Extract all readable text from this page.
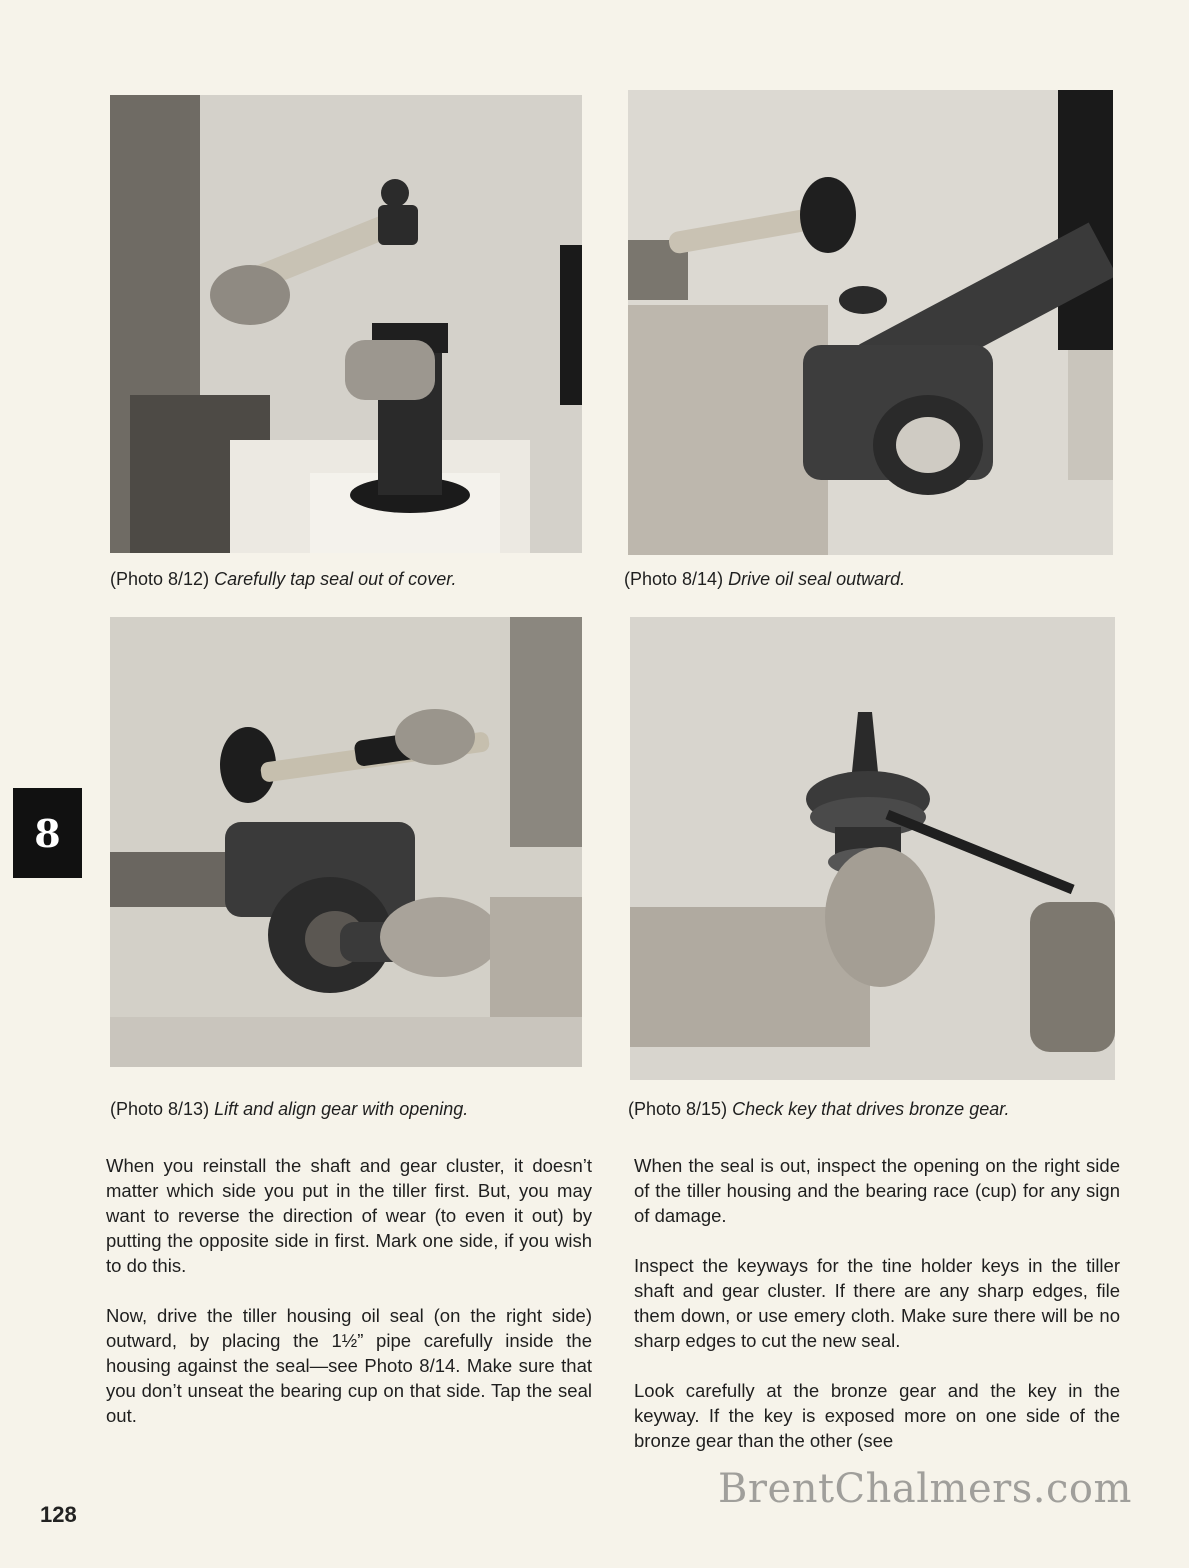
(Photo 8/12) Carefully tap seal out of cover.	(Photo 8/14) Drive oil seal outward.
(Photo 8/13) Lift and align gear with opening.	(Photo 8/15) Check key that drives bronze gear.
8

When you reinstall the shaft and gear cluster, it doesn’t matter which side you put in the tiller first. But, you may want to reverse the direction of wear (to even it out) by putting the opposite side in first. Mark one side, if you wish to do this.

Now, drive the tiller housing oil seal (on the right side) outward, by placing the 1½” pipe carefully inside the housing against the seal—see Photo 8/14. Make sure that you don’t unseat the bearing cup on that side. Tap the seal out.

When the seal is out, inspect the opening on the right side of the tiller housing and the bearing race (cup) for any sign of damage.

Inspect the keyways for the tine holder keys in the tiller shaft and gear cluster. If there are any sharp edges, file them down, or use emery cloth. Make sure there will be no sharp edges to cut the new seal.

Look carefully at the bronze gear and the key in the keyway. If the key is exposed more on one side of the bronze gear than the other (see

128
BrentChalmers.com
